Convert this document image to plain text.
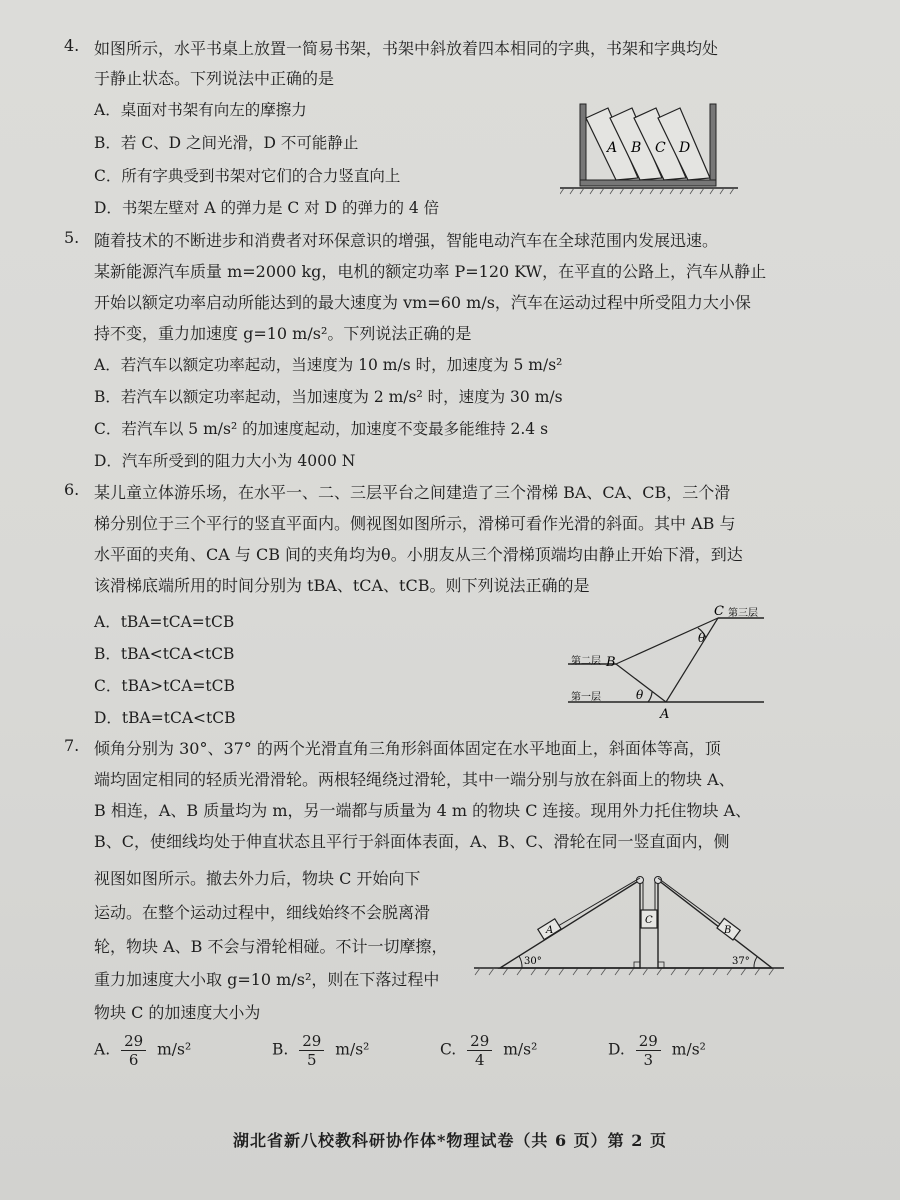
4. 如图所示，水平书桌上放置一简易书架，书架中斜放着四本相同的字典，书架和字典均处
于静止状态。下列说法中正确的是
A．桌面对书架有向左的摩擦力
B．若 C、D 之间光滑，D 不可能静止
C．所有字典受到书架对它们的合力竖直向上
D．书架左壁对 A 的弹力是 C 对 D 的弹力的 4 倍
A B C D
5. 随着技术的不断进步和消费者对环保意识的增强，智能电动汽车在全球范围内发展迅速。
某新能源汽车质量 m=2000 kg，电机的额定功率 P=120 KW，在平直的公路上，汽车从静止
开始以额定功率启动所能达到的最大速度为 vm=60 m/s，汽车在运动过程中所受阻力大小保
持不变，重力加速度 g=10 m/s²。下列说法正确的是
A．若汽车以额定功率起动，当速度为 10 m/s 时，加速度为 5 m/s²
B．若汽车以额定功率起动，当加速度为 2 m/s² 时，速度为 30 m/s
C．若汽车以 5 m/s² 的加速度起动，加速度不变最多能维持 2.4 s
D．汽车所受到的阻力大小为 4000 N
6. 某儿童立体游乐场，在水平一、二、三层平台之间建造了三个滑梯 BA、CA、CB，三个滑
梯分别位于三个平行的竖直平面内。侧视图如图所示，滑梯可看作光滑的斜面。其中 AB 与
水平面的夹角、CA 与 CB 间的夹角均为θ。小朋友从三个滑梯顶端均由静止开始下滑，到达
该滑梯底端所用的时间分别为 tBA、tCA、tCB。则下列说法正确的是
A．tBA=tCA=tCB
B．tBA<tCA<tCB
C．tBA>tCA=tCB
D．tBA=tCA<tCB
C 第三层
第二层 B
第一层
A
θ
θ
7. 倾角分别为 30°、37° 的两个光滑直角三角形斜面体固定在水平地面上，斜面体等高，顶
端均固定相同的轻质光滑滑轮。两根轻绳绕过滑轮，其中一端分别与放在斜面上的物块 A、
B 相连，A、B 质量均为 m，另一端都与质量为 4 m 的物块 C 连接。现用外力托住物块 A、
B、C，使细线均处于伸直状态且平行于斜面体表面，A、B、C、滑轮在同一竖直面内，侧
视图如图所示。撤去外力后，物块 C 开始向下
运动。在整个运动过程中，细线始终不会脱离滑
轮，物块 A、B 不会与滑轮相碰。不计一切摩擦，
重力加速度大小取 g=10 m/s²，则在下落过程中
物块 C 的加速度大小为
A. $\frac{29}{6} m/s^2$	B. $\frac{29}{5} m/s^2$	C. $\frac{29}{4} m/s^2$	D. $\frac{29}{3} m/s^2$
A
C
B
30°	37°
湖北省新八校教科研协作体*物理试卷（共 6 页）第 2 页
